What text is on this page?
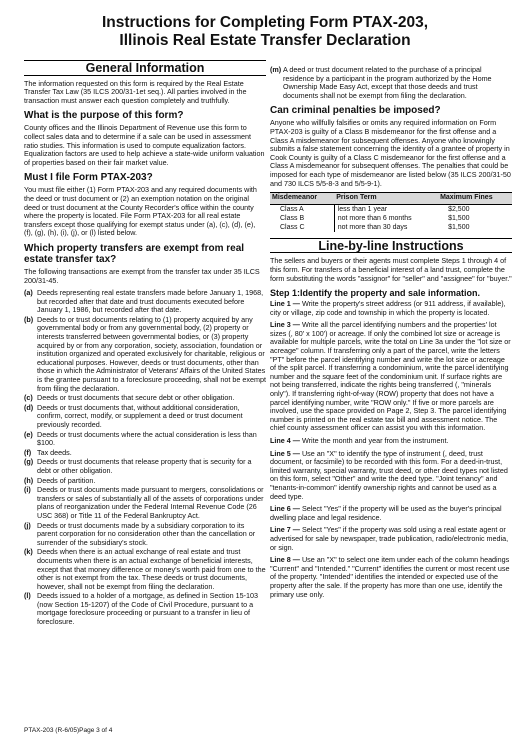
Instructions for Completing Form PTAX-203,
Illinois Real Estate Transfer Declaration
General Information

The information requested on this form is required by the Real Estate Transfer Tax Law (35 ILCS 200/31-1et seq.). All parties involved in the transaction must answer each question completely and truthfully.

What is the purpose of this form?

County offices and the Illinois Department of Revenue use this form to collect sales data and to determine if a sale can be used in assessment ratio studies. This information is used to compute equalization factors. Equalization factors are used to help achieve a state-wide uniform valuation of properties based on their fair market value.

Must I file Form PTAX-203?

You must file either (1) Form PTAX-203 and any required documents with the deed or trust document or (2) an exemption notation on the original deed or trust document at the County Recorder's office within the county where the property is located. File Form PTAX-203 for all real estate transfers except those qualifying for exempt status under (a), (c), (d), (e), (f), (g), (h), (i), (j), or (l) listed below.

Which property transfers are exempt from real estate transfer tax?

The following transactions are exempt from the transfer tax under 35 ILCS 200/31-45.

(a) Deeds representing real estate transfers made before January 1, 1968, but recorded after that date and trust documents executed before January 1, 1986, but recorded after that date.
(b) Deeds to or trust documents relating to (1) property acquired by any governmental body or from any governmental body, (2) property or interests transferred between governmental bodies, or (3) property acquired by or from any corporation, society, association, foundation or institution organized and operated exclusively for charitable, religious or educational purposes. However, deeds or trust documents, other than those in which the Administrator of Veterans' Affairs of the United States is the grantee pursuant to a foreclosure proceeding, shall not be exempt from filing the declaration.
(c) Deeds or trust documents that secure debt or other obligation.
(d) Deeds or trust documents that, without additional consideration, confirm, correct, modify, or supplement a deed or trust document previously recorded.
(e) Deeds or trust documents where the actual consideration is less than $100.
(f) Tax deeds.
(g) Deeds or trust documents that release property that is security for a debt or other obligation.
(h) Deeds of partition.
(i) Deeds or trust documents made pursuant to mergers, consolidations or transfers or sales of substantially all of the assets of corporations under plans of reorganization under the Federal Internal Revenue Code (26 USC 368) or Title 11 of the Federal Bankruptcy Act.
(j) Deeds or trust documents made by a subsidiary corporation to its parent corporation for no consideration other than the cancellation or surrender of the subsidiary's stock.
(k) Deeds when there is an actual exchange of real estate and trust documents when there is an actual exchange of beneficial interests, except that that money difference or money's worth paid from one to the other is not exempt from the tax. These deeds or trust documents, however, shall not be exempt from filing the declaration.
(l) Deeds issued to a holder of a mortgage, as defined in Section 15-103 (now Section 15-1207) of the Code of Civil Procedure, pursuant to a mortgage foreclosure proceeding or pursuant to a transfer in lieu of foreclosure.
(m) A deed or trust document related to the purchase of a principal residence by a participant in the program authorized by the Home Ownership Made Easy Act, except that those deeds and trust documents shall not be exempt from filing the declaration.
Can criminal penalties be imposed?

Anyone who willfully falsifies or omits any required information on Form PTAX-203 is guilty of a Class B misdemeanor for the first offense and a Class A misdemeanor for subsequent offenses. Anyone who knowingly submits a false statement concerning the identity of a grantee of property in Cook County is guilty of a Class C misdemeanor for the first offense and a Class A misdemeanor for subsequent offenses. The penalties that could be imposed for each type of misdemeanor are listed below (35 ILCS 200/31-50 and 730 ILCS 5/5-8-3 and 5/5-9-1).

Misdemeanor	Prison Term	Maximum Fines
Class A	less than 1 year	$2,500
Class B	not more than 6 months	$1,500
Class C	not more than 30 days	$1,500
Line-by-line Instructions

The sellers and buyers or their agents must complete Steps 1 through 4 of this form. For transfers of a beneficial interest of a land trust, complete the form substituting the words "assignor" for "seller" and "assignee" for "buyer."

Step 1:Identify the property and sale information.

Line 1 — Write the property's street address (or 911 address, if available), city or village, zip code and township in which the property is located.

Line 3 — Write all the parcel identifying numbers and the properties' lot sizes (, 80' x 100') or acreage. If only the combined lot size or acreage is available for multiple parcels, write the total on Line 3a under the "lot size or acreage" column. If transferring only a part of the parcel, write the letters "PT" before the parcel identifying number and write the lot size or acreage of the split parcel. If transferring a condominium, write the parcel identifying number and the square feet of the condominium unit. If surface rights are not being transferred, indicate the rights being transferred (, "minerals only"). If transferring right-of-way (ROW) property that does not have a parcel identifying number, write "ROW only." If five or more parcels are involved, use the space provided on Page 2, Step 3. The parcel identifying number is printed on the real estate tax bill and assessment notice. The chief county assessment officer can assist you with this information.

Line 4 — Write the month and year from the instrument.

Line 5 — Use an "X" to identify the type of instrument (, deed, trust document, or facsimile) to be recorded with this form. For a deed-in-trust, limited warranty, special warranty, trust deed, or other deed types not listed on this form, select "Other" and write the deed type. "Joint tenancy" and "tenants-in-common" identify ownership rights and cannot be used as a deed type.

Line 6 — Select "Yes" if the property will be used as the buyer's principal dwelling place and legal residence.

Line 7 — Select "Yes" if the property was sold using a real estate agent or advertised for sale by newspaper, trade publication, radio/electronic media, or sign.

Line 8 — Use an "X" to select one item under each of the column headings "Current" and "Intended." "Current" identifies the current or most recent use of the property. "Intended" identifies the intended or expected use of the property after the sale. If the property has more than one use, identify the primary use only.

PTAX-203 (R-6/05)Page 3 of 4
